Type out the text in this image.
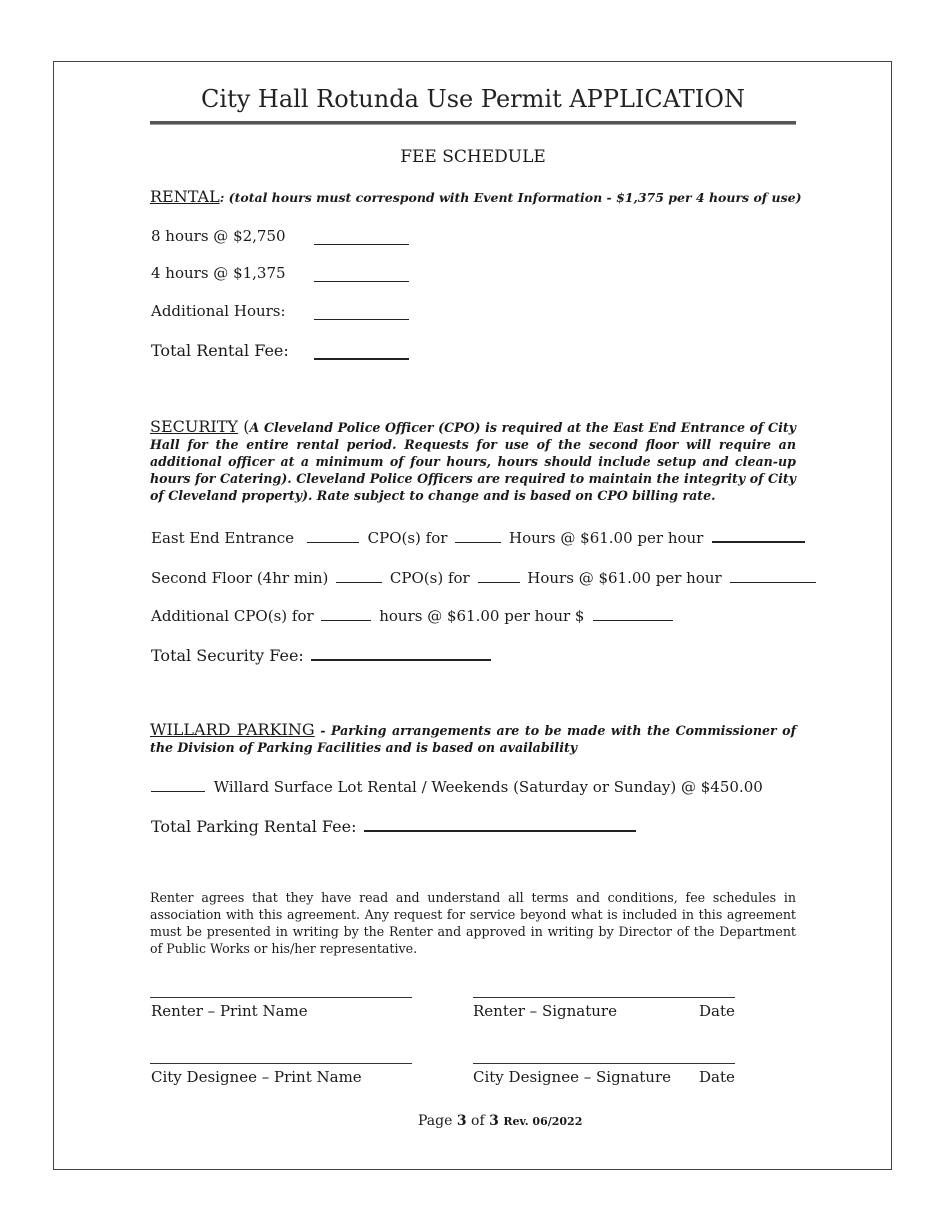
City Hall Rotunda Use Permit APPLICATION
FEE SCHEDULE
RENTAL: (total hours must correspond with Event Information - $1,375 per 4 hours of use)
8 hours @ $2,750
4 hours @ $1,375
Additional Hours:
Total Rental Fee:
SECURITY (A Cleveland Police Officer (CPO) is required at the East End Entrance of City Hall for the entire rental period. Requests for use of the second floor will require an additional officer at a minimum of four hours, hours should include setup and clean-up hours for Catering). Cleveland Police Officers are required to maintain the integrity of City of Cleveland property). Rate subject to change and is based on CPO billing rate.
East End Entrance	CPO(s) for	Hours @ $61.00 per hour
Second Floor (4hr min)	CPO(s) for	Hours @ $61.00 per hour
Additional CPO(s) for	hours @ $61.00 per hour $
Total Security Fee:
WILLARD PARKING - Parking arrangements are to be made with the Commissioner of the Division of Parking Facilities and is based on availability
Willard Surface Lot Rental / Weekends (Saturday or Sunday) @ $450.00
Total Parking Rental Fee:
Renter agrees that they have read and understand all terms and conditions, fee schedules in association with this agreement. Any request for service beyond what is included in this agreement must be presented in writing by the Renter and approved in writing by Director of the Department of Public Works or his/her representative.
Renter – Print Name	Renter – Signature	Date
City Designee – Print Name	City Designee – Signature Date
Page 3 of 3 Rev. 06/2022
